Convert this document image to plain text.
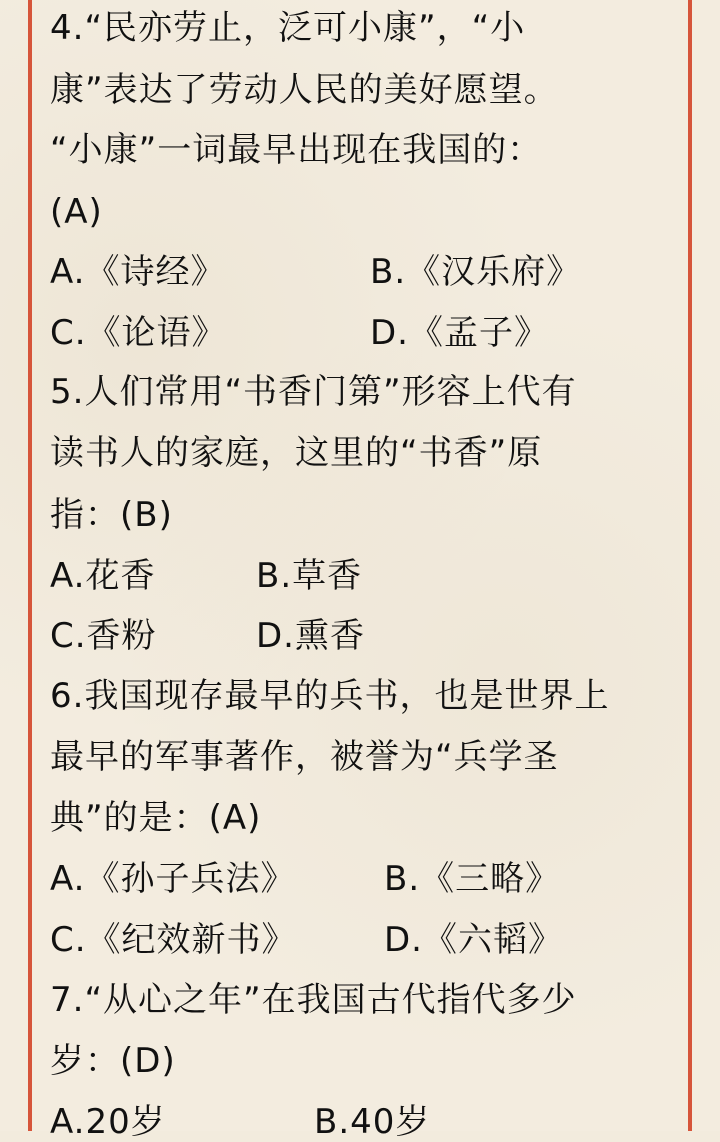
4.“民亦劳止，泛可小康”，“小
康”表达了劳动人民的美好愿望。
“小康”一词最早出现在我国的：
(A)
A.《诗经》	B.《汉乐府》
C.《论语》	D.《孟子》
5.人们常用“书香门第”形容上代有
读书人的家庭，这里的“书香”原
指：(B)
A.花香	B.草香
C.香粉	D.熏香
6.我国现存最早的兵书，也是世界上
最早的军事著作，被誉为“兵学圣
典”的是：(A)
A.《孙子兵法》	B.《三略》
C.《纪效新书》	D.《六韬》
7.“从心之年”在我国古代指代多少
岁：(D)
A.20岁	B.40岁
